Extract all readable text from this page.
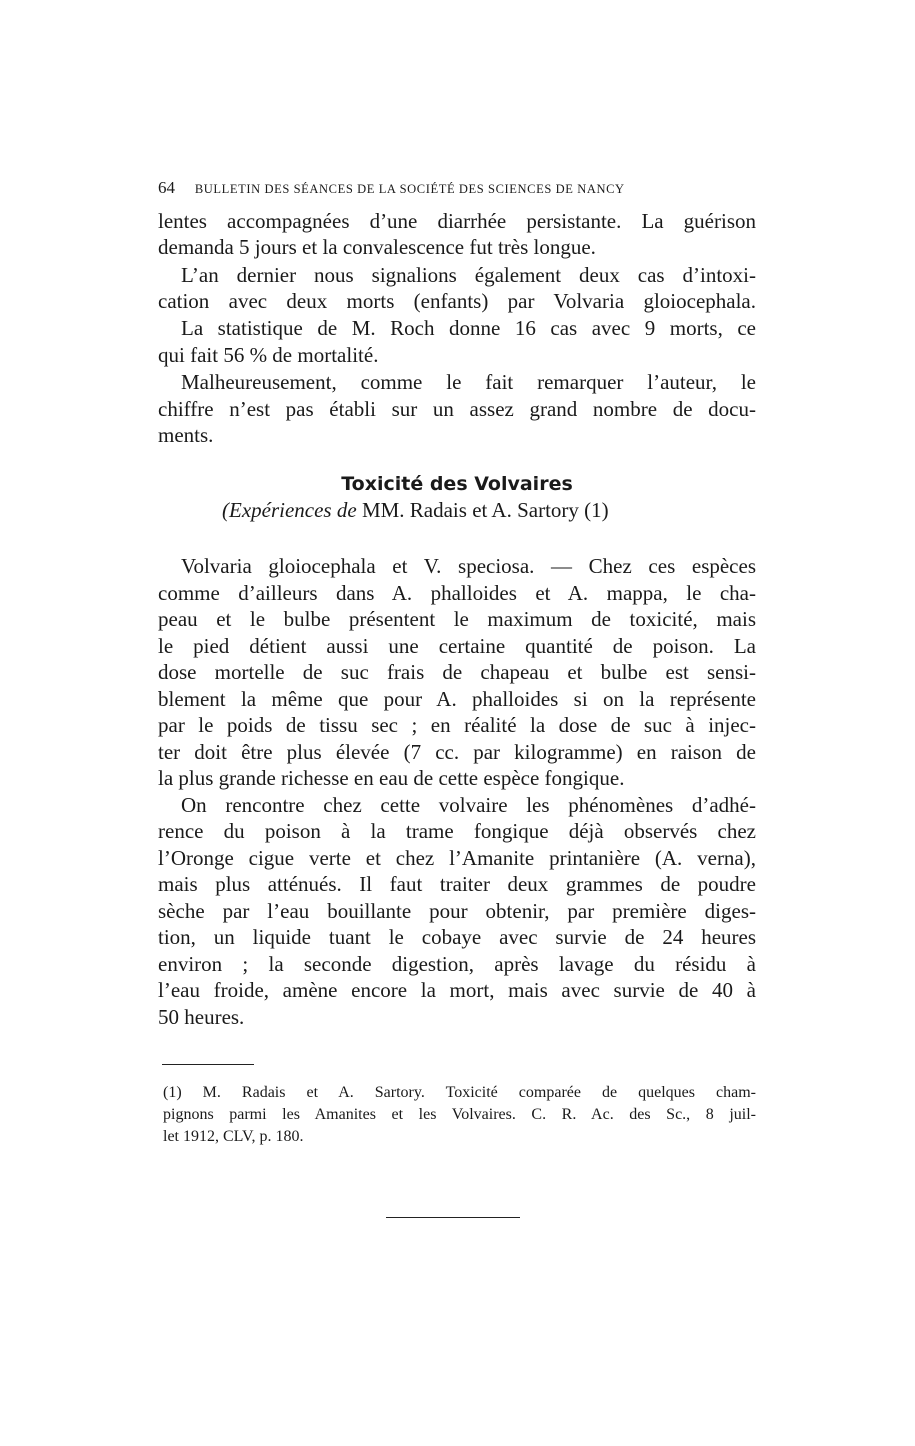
64 BULLETIN DES SÉANCES DE LA SOCIÉTÉ DES SCIENCES DE NANCY
lentes accompagnées d’une diarrhée persistante. La guérison
demanda 5 jours et la convalescence fut très longue.
L’an dernier nous signalions également deux cas d’intoxi-
cation avec deux morts (enfants) par Volvaria gloiocephala.
La statistique de M. Roch donne 16 cas avec 9 morts, ce
qui fait 56 % de mortalité.
Malheureusement, comme le fait remarquer l’auteur, le
chiffre n’est pas établi sur un assez grand nombre de docu-
ments.
Toxicité des Volvaires
(Expériences de MM. Radais et A. Sartory (1)
Volvaria gloiocephala et V. speciosa. — Chez ces espèces
comme d’ailleurs dans A. phalloides et A. mappa, le cha-
peau et le bulbe présentent le maximum de toxicité, mais
le pied détient aussi une certaine quantité de poison. La
dose mortelle de suc frais de chapeau et bulbe est sensi-
blement la même que pour A. phalloides si on la représente
par le poids de tissu sec ; en réalité la dose de suc à injec-
ter doit être plus élevée (7 cc. par kilogramme) en raison de
la plus grande richesse en eau de cette espèce fongique.
On rencontre chez cette volvaire les phénomènes d’adhé-
rence du poison à la trame fongique déjà observés chez
l’Oronge cigue verte et chez l’Amanite printanière (A. verna),
mais plus atténués. Il faut traiter deux grammes de poudre
sèche par l’eau bouillante pour obtenir, par première diges-
tion, un liquide tuant le cobaye avec survie de 24 heures
environ ; la seconde digestion, après lavage du résidu à
l’eau froide, amène encore la mort, mais avec survie de 40 à
50 heures.
(1) M. Radais et A. Sartory. Toxicité comparée de quelques cham-
pignons parmi les Amanites et les Volvaires. C. R. Ac. des Sc., 8 juil-
let 1912, CLV, p. 180.
